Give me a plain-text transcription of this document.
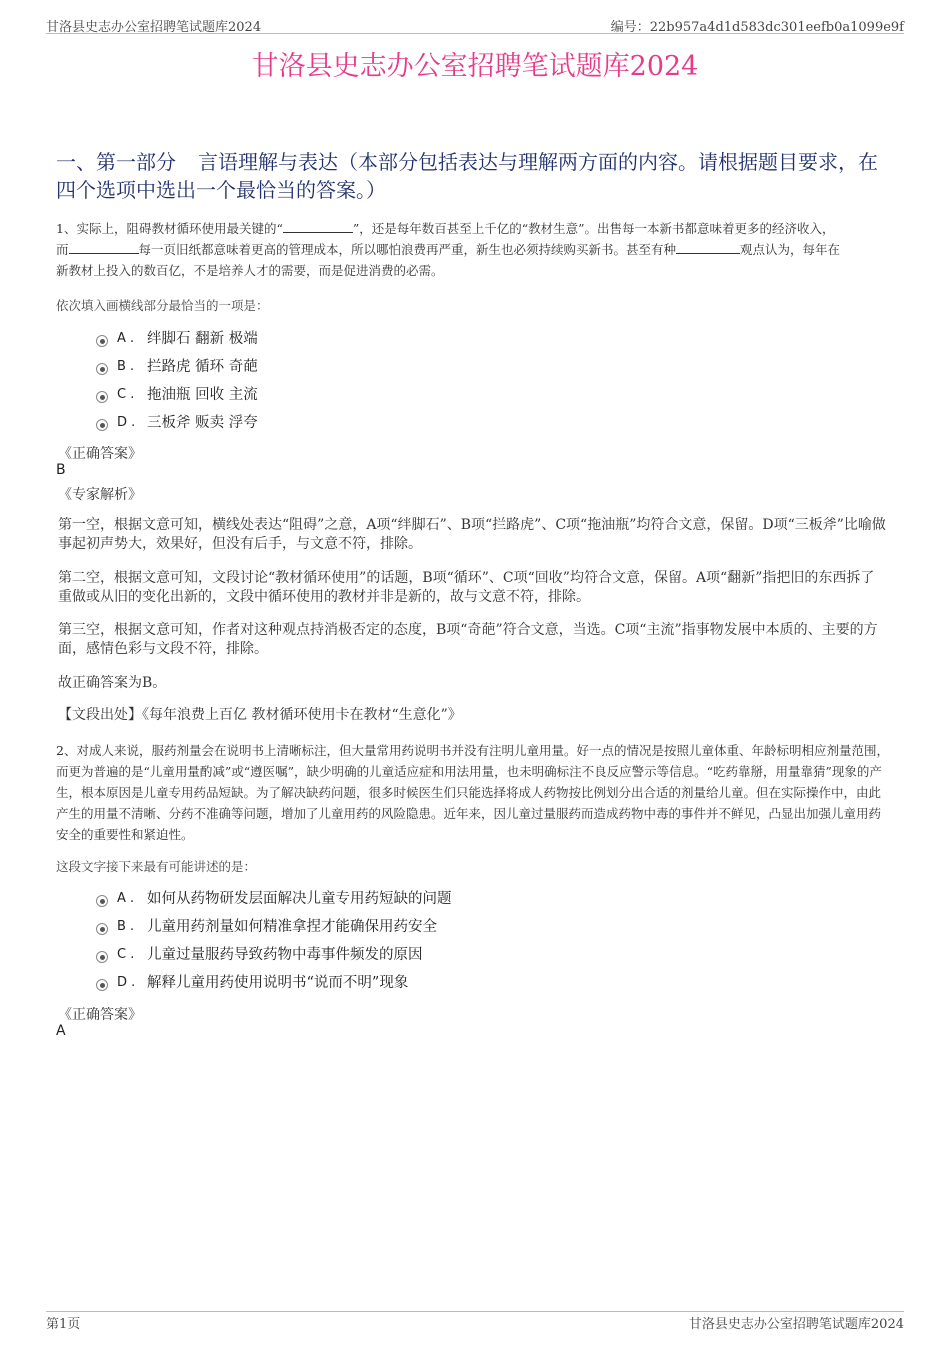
甘洛县史志办公室招聘笔试题库2024	编号：22b957a4d1d583dc301eefb0a1099e9f
甘洛县史志办公室招聘笔试题库2024
一、第一部分 言语理解与表达（本部分包括表达与理解两方面的内容。请根据题目要求，在四个选项中选出一个最恰当的答案。）
1、实际上，阻碍教材循环使用最关键的“	”，还是每年数百甚至上千亿的“教材生意”。出售每一本新书都意味着更多的经济收入，
而	每一页旧纸都意味着更高的管理成本，所以哪怕浪费再严重，新生也必须持续购买新书。甚至有种	观点认为，每年在
新教材上投入的数百亿，不是培养人才的需要，而是促进消费的必需。
依次填入画横线部分最恰当的一项是：
A . 绊脚石 翻新 极端
B . 拦路虎 循环 奇葩
C . 拖油瓶 回收 主流
D . 三板斧 贩卖 浮夸
《正确答案》
B
《专家解析》
第一空，根据文意可知，横线处表达“阻碍”之意，A项“绊脚石”、B项“拦路虎”、C项“拖油瓶”均符合文意，保留。D项“三板斧”比喻做事起初声势大，效果好，但没有后手，与文意不符，排除。
第二空，根据文意可知，文段讨论“教材循环使用”的话题，B项“循环”、C项“回收”均符合文意，保留。A项“翻新”指把旧的东西拆了重做或从旧的变化出新的，文段中循环使用的教材并非是新的，故与文意不符，排除。
第三空，根据文意可知，作者对这种观点持消极否定的态度，B项“奇葩”符合文意，当选。C项“主流”指事物发展中本质的、主要的方面，感情色彩与文段不符，排除。
故正确答案为B。
【文段出处】《每年浪费上百亿 教材循环使用卡在教材“生意化”》
2、对成人来说，服药剂量会在说明书上清晰标注，但大量常用药说明书并没有注明儿童用量。好一点的情况是按照儿童体重、年龄标明相应剂量范围，而更为普遍的是“儿童用量酌减”或“遵医嘱”，缺少明确的儿童适应症和用法用量，也未明确标注不良反应警示等信息。“吃药靠掰，用量靠猜”现象的产生，根本原因是儿童专用药品短缺。为了解决缺药问题，很多时候医生们只能选择将成人药物按比例划分出合适的剂量给儿童。但在实际操作中，由此产生的用量不清晰、分药不准确等问题，增加了儿童用药的风险隐患。近年来，因儿童过量服药而造成药物中毒的事件并不鲜见，凸显出加强儿童用药安全的重要性和紧迫性。
这段文字接下来最有可能讲述的是：
A . 如何从药物研发层面解决儿童专用药短缺的问题
B . 儿童用药剂量如何精准拿捏才能确保用药安全
C . 儿童过量服药导致药物中毒事件频发的原因
D . 解释儿童用药使用说明书“说而不明”现象
《正确答案》
A
第1页	甘洛县史志办公室招聘笔试题库2024
